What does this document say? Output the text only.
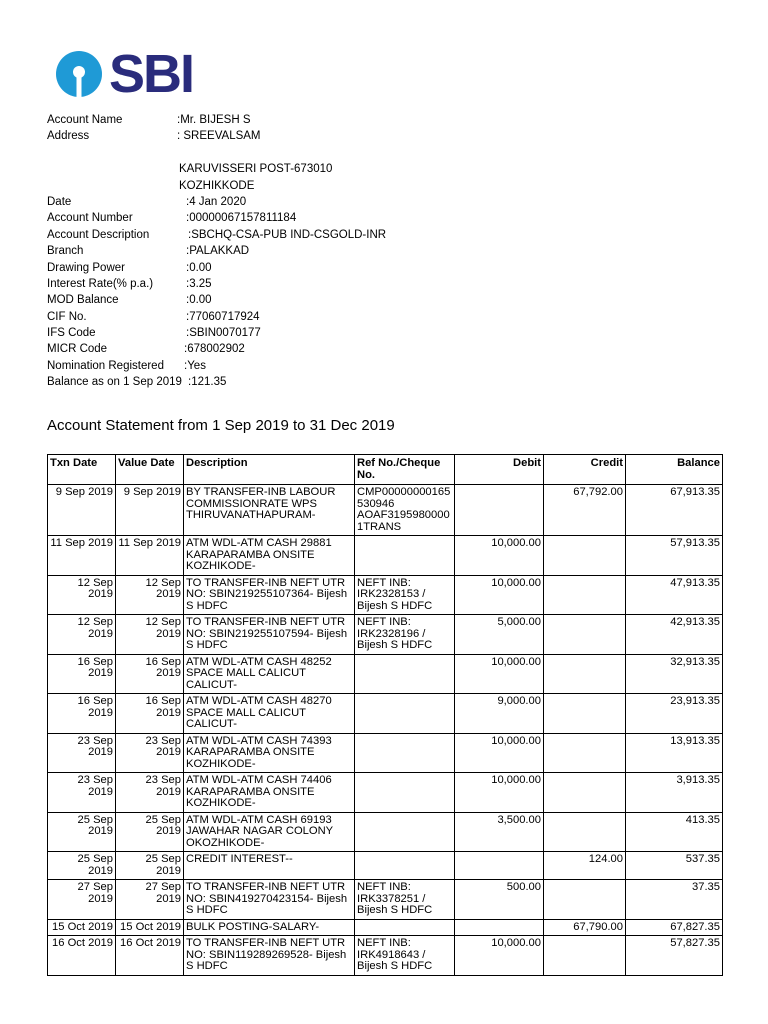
SBI
Account Name	:Mr. BIJESH S
Address	: SREEVALSAM
KARUVISSERI POST-673010
KOZHIKKODE
Date	:4 Jan 2020
Account Number	:00000067157811184
Account Description	:SBCHQ-CSA-PUB IND-CSGOLD-INR
Branch	:PALAKKAD
Drawing Power	:0.00
Interest Rate(% p.a.)	:3.25
MOD Balance	:0.00
CIF No.	:77060717924
IFS Code	:SBIN0070177
MICR Code	:678002902
Nomination Registered :Yes
Balance as on 1 Sep 2019 :121.35
Account Statement from 1 Sep 2019 to 31 Dec 2019
Txn Date	Value Date	Description	Ref No./Cheque No.	Debit	Credit	Balance
9 Sep 2019	9 Sep 2019	BY TRANSFER-INB LABOUR COMMISSIONRATE WPS THIRUVANATHAPURAM-	CMP00000000165 530946 AOAF3195980000 1TRANS		67,792.00	67,913.35
11 Sep 2019	11 Sep 2019	ATM WDL-ATM CASH 29881 KARAPARAMBA ONSITE KOZHIKODE-		10,000.00		57,913.35
12 Sep 2019	12 Sep 2019	TO TRANSFER-INB NEFT UTR NO: SBIN219255107364- Bijesh S HDFC	NEFT INB: IRK2328153 / Bijesh S HDFC	10,000.00		47,913.35
12 Sep 2019	12 Sep 2019	TO TRANSFER-INB NEFT UTR NO: SBIN219255107594- Bijesh S HDFC	NEFT INB: IRK2328196 / Bijesh S HDFC	5,000.00		42,913.35
16 Sep 2019	16 Sep 2019	ATM WDL-ATM CASH 48252 SPACE MALL CALICUT CALICUT-		10,000.00		32,913.35
16 Sep 2019	16 Sep 2019	ATM WDL-ATM CASH 48270 SPACE MALL CALICUT CALICUT-		9,000.00		23,913.35
23 Sep 2019	23 Sep 2019	ATM WDL-ATM CASH 74393 KARAPARAMBA ONSITE KOZHIKODE-		10,000.00		13,913.35
23 Sep 2019	23 Sep 2019	ATM WDL-ATM CASH 74406 KARAPARAMBA ONSITE KOZHIKODE-		10,000.00		3,913.35
25 Sep 2019	25 Sep 2019	ATM WDL-ATM CASH 69193 JAWAHAR NAGAR COLONY OKOZHIKODE-		3,500.00		413.35
25 Sep 2019	25 Sep 2019	CREDIT INTEREST--			124.00	537.35
27 Sep 2019	27 Sep 2019	TO TRANSFER-INB NEFT UTR NO: SBIN419270423154- Bijesh S HDFC	NEFT INB: IRK3378251 / Bijesh S HDFC	500.00		37.35
15 Oct 2019	15 Oct 2019	BULK POSTING-SALARY-			67,790.00	67,827.35
16 Oct 2019	16 Oct 2019	TO TRANSFER-INB NEFT UTR NO: SBIN119289269528- Bijesh S HDFC	NEFT INB: IRK4918643 / Bijesh S HDFC	10,000.00		57,827.35
